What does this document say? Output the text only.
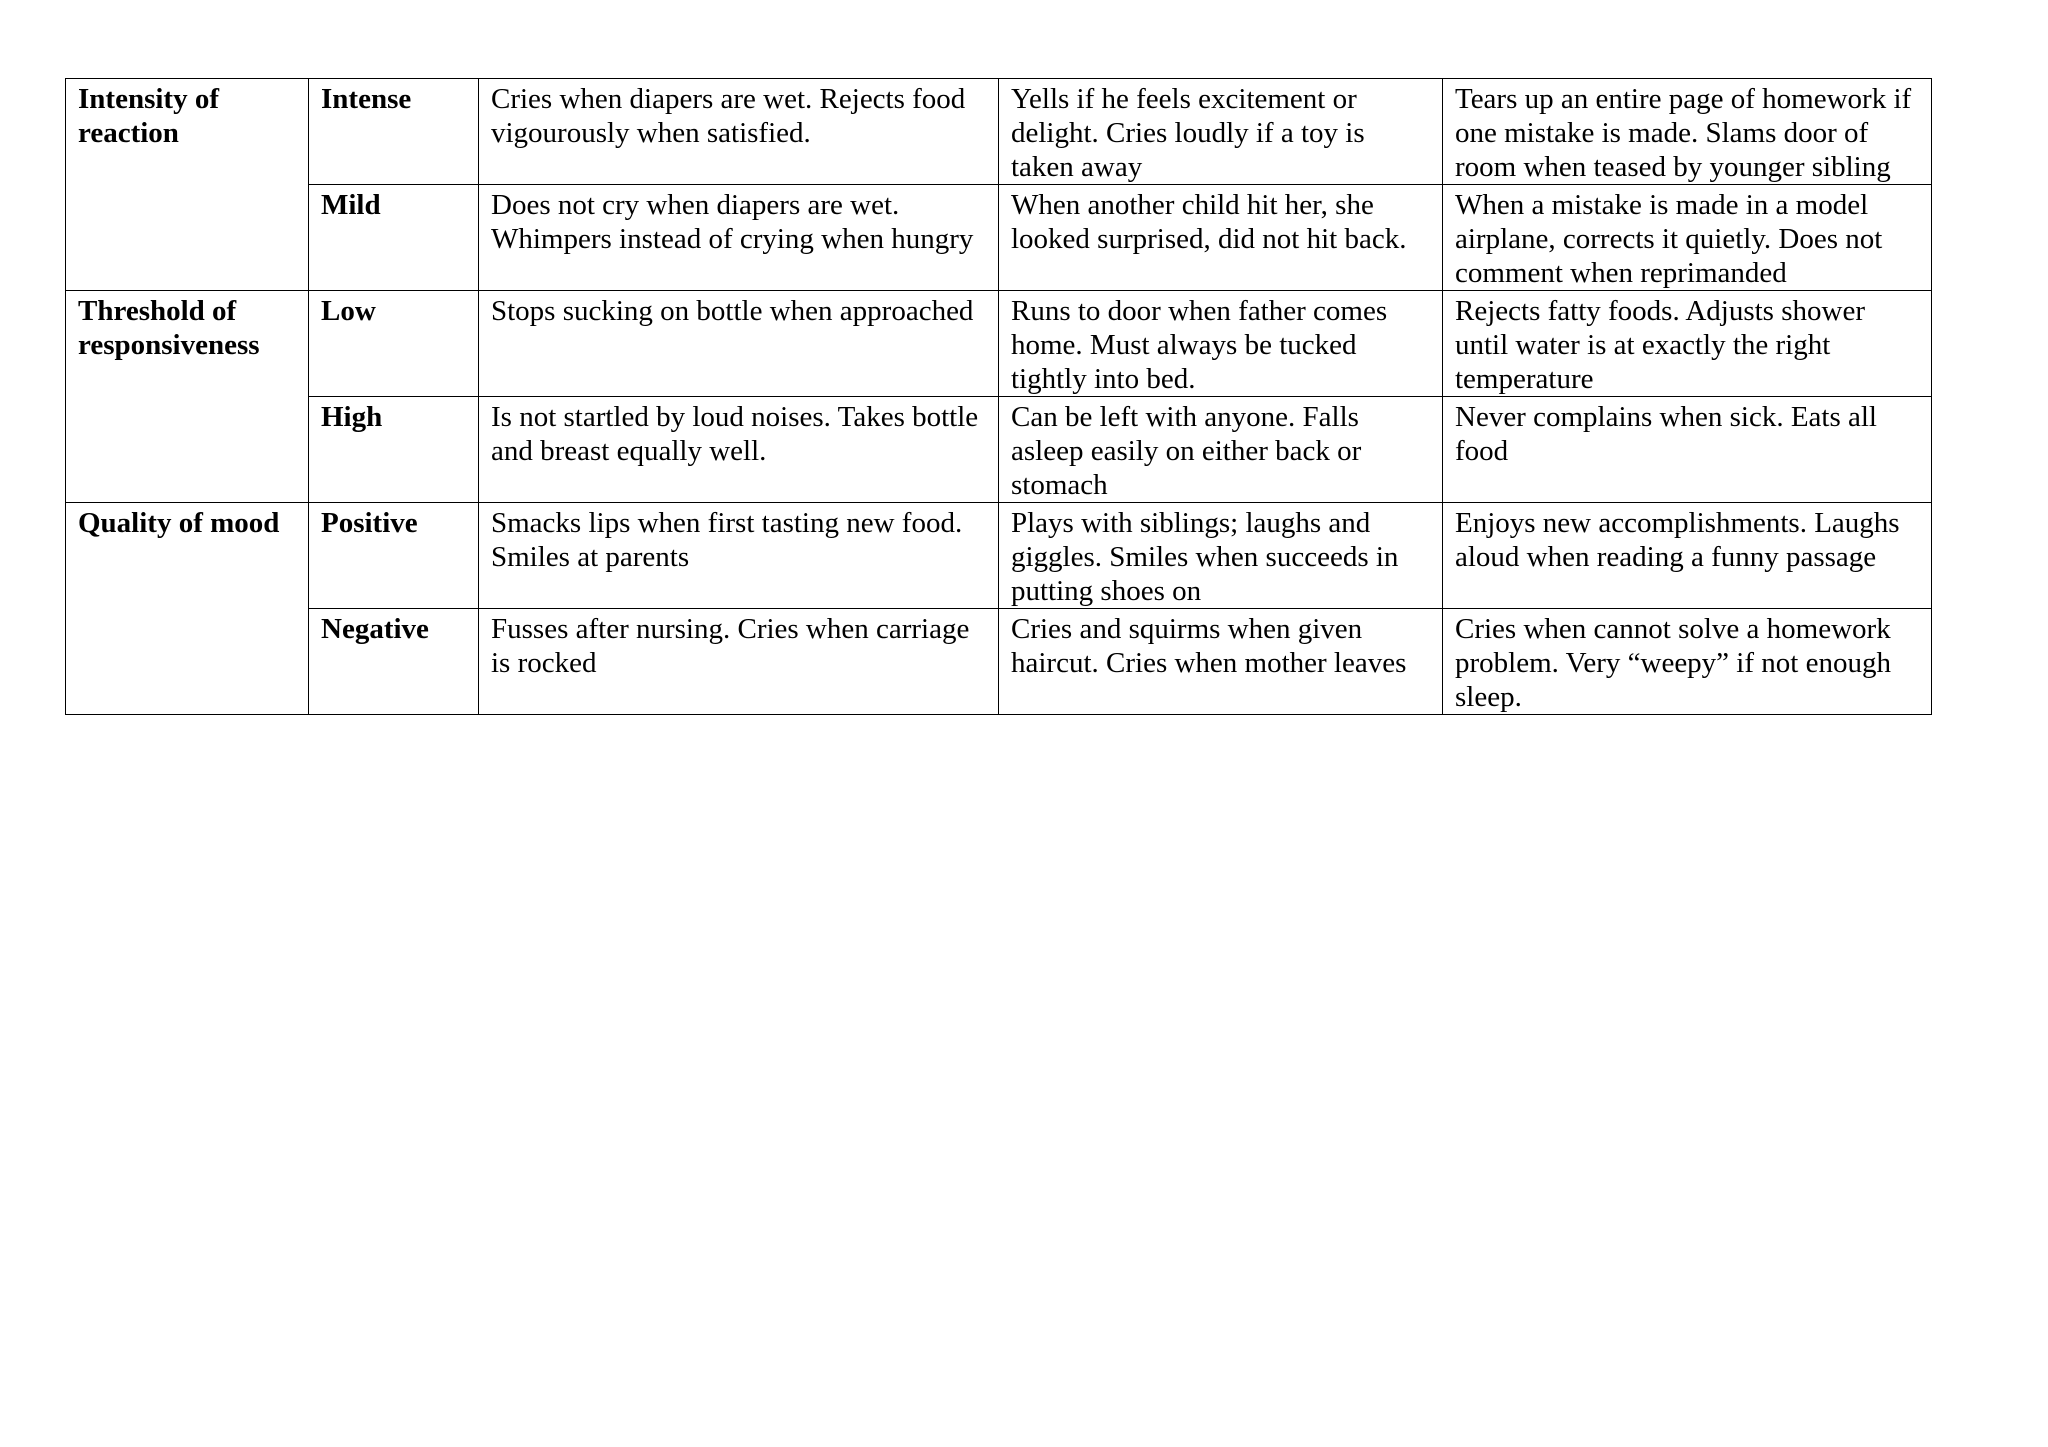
Intensity of reaction	Intense	Cries when diapers are wet. Rejects food vigourously when satisfied.	Yells if he feels excitement or delight. Cries loudly if a toy is taken away	Tears up an entire page of homework if one mistake is made. Slams door of room when teased by younger sibling
	Mild	Does not cry when diapers are wet. Whimpers instead of crying when hungry	When another child hit her, she looked surprised, did not hit back.	When a mistake is made in a model airplane, corrects it quietly. Does not comment when reprimanded
Threshold of responsiveness	Low	Stops sucking on bottle when approached	Runs to door when father comes home. Must always be tucked tightly into bed.	Rejects fatty foods. Adjusts shower until water is at exactly the right temperature
	High	Is not startled by loud noises. Takes bottle and breast equally well.	Can be left with anyone. Falls asleep easily on either back or stomach	Never complains when sick. Eats all food
Quality of mood	Positive	Smacks lips when first tasting new food. Smiles at parents	Plays with siblings; laughs and giggles. Smiles when succeeds in putting shoes on	Enjoys new accomplishments. Laughs aloud when reading a funny passage
	Negative	Fusses after nursing. Cries when carriage is rocked	Cries and squirms when given haircut. Cries when mother leaves	Cries when cannot solve a homework problem. Very “weepy” if not enough sleep.
